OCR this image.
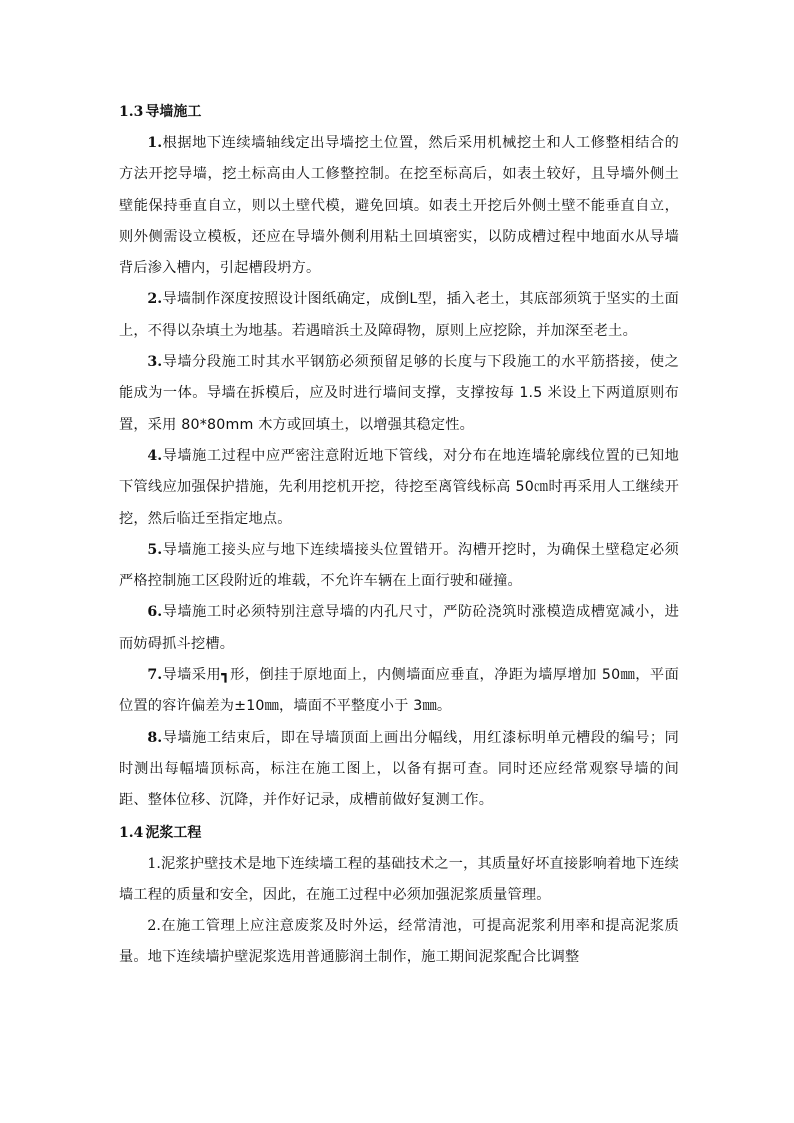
1.3 导墙施工

1.根据地下连续墙轴线定出导墙挖土位置，然后采用机械挖土和人工修整相结合的方法开挖导墙，挖土标高由人工修整控制。在挖至标高后，如表土较好，且导墙外侧土壁能保持垂直自立，则以土壁代模，避免回填。如表土开挖后外侧土壁不能垂直自立，则外侧需设立模板，还应在导墙外侧利用粘土回填密实，以防成槽过程中地面水从导墙背后渗入槽内，引起槽段坍方。

2.导墙制作深度按照设计图纸确定，成倒L型，插入老土，其底部须筑于坚实的土面上，不得以杂填土为地基。若遇暗浜土及障碍物，原则上应挖除，并加深至老土。

3.导墙分段施工时其水平钢筋必须预留足够的长度与下段施工的水平筋搭接，使之能成为一体。导墙在拆模后，应及时进行墙间支撑，支撑按每 1.5 米设上下两道原则布置，采用 80*80mm 木方或回填土，以增强其稳定性。

4.导墙施工过程中应严密注意附近地下管线，对分布在地连墙轮廓线位置的已知地下管线应加强保护措施，先利用挖机开挖，待挖至离管线标高 50㎝时再采用人工继续开挖，然后临迁至指定地点。

5.导墙施工接头应与地下连续墙接头位置错开。沟槽开挖时，为确保土壁稳定必须严格控制施工区段附近的堆载，不允许车辆在上面行驶和碰撞。

6.导墙施工时必须特别注意导墙的内孔尺寸，严防砼浇筑时涨模造成槽宽减小，进而妨碍抓斗挖槽。

7.导墙采用┓形，倒挂于原地面上，内侧墙面应垂直，净距为墙厚增加 50㎜，平面位置的容许偏差为±10㎜，墙面不平整度小于 3㎜。

8.导墙施工结束后，即在导墙顶面上画出分幅线，用红漆标明单元槽段的编号；同时测出每幅墙顶标高，标注在施工图上，以备有据可查。同时还应经常观察导墙的间距、整体位移、沉降，并作好记录，成槽前做好复测工作。

1.4 泥浆工程

1.泥浆护壁技术是地下连续墙工程的基础技术之一，其质量好坏直接影响着地下连续墙工程的质量和安全，因此，在施工过程中必须加强泥浆质量管理。

2.在施工管理上应注意废浆及时外运，经常清池，可提高泥浆利用率和提高泥浆质量。地下连续墙护壁泥浆选用普通膨润土制作，施工期间泥浆配合比调整
